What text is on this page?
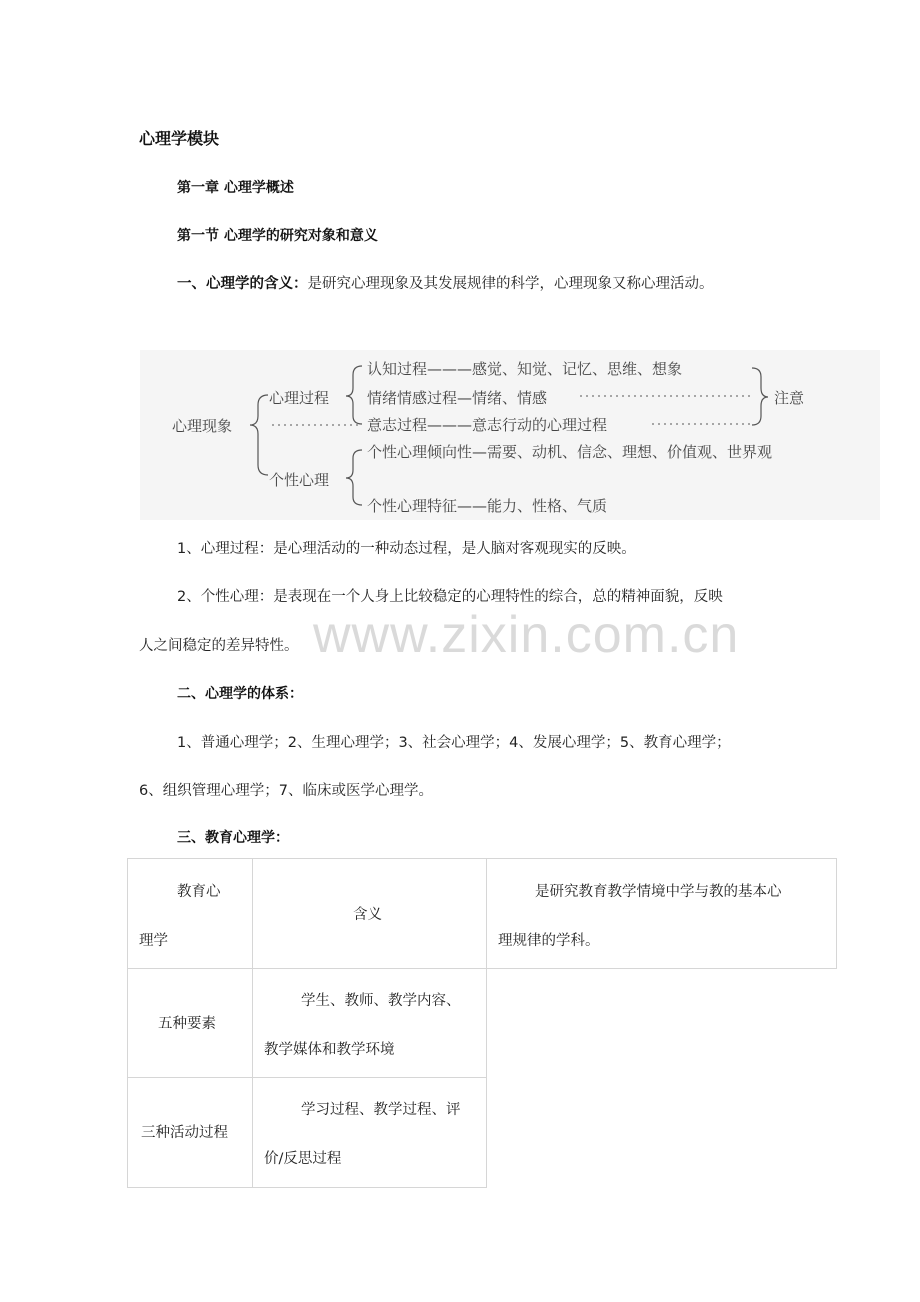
心理学模块
第一章 心理学概述
第一节 心理学的研究对象和意义
一、心理学的含义：是研究心理现象及其发展规律的科学，心理现象又称心理活动。
心理现象
心理过程
个性心理
认知过程———感觉、知觉、记忆、思维、想象
情绪情感过程—情绪、情感
意志过程———意志行动的心理过程
个性心理倾向性—需要、动机、信念、理想、价值观、世界观
个性心理特征——能力、性格、气质
注意
1、心理过程：是心理活动的一种动态过程，是人脑对客观现实的反映。
2、个性心理：是表现在一个人身上比较稳定的心理特性的综合，总的精神面貌，反映
人之间稳定的差异特性。 www.zixin.com.cn
二、心理学的体系：
1、普通心理学；2、生理心理学；3、社会心理学；4、发展心理学；5、教育心理学；
6、组织管理心理学；7、临床或医学心理学。
三、教育心理学：
教育心
理学
含义
是研究教育教学情境中学与教的基本心
理规律的学科。
五种要素
学生、教师、教学内容、
教学媒体和教学环境
三种活动过程
学习过程、教学过程、评
价/反思过程
